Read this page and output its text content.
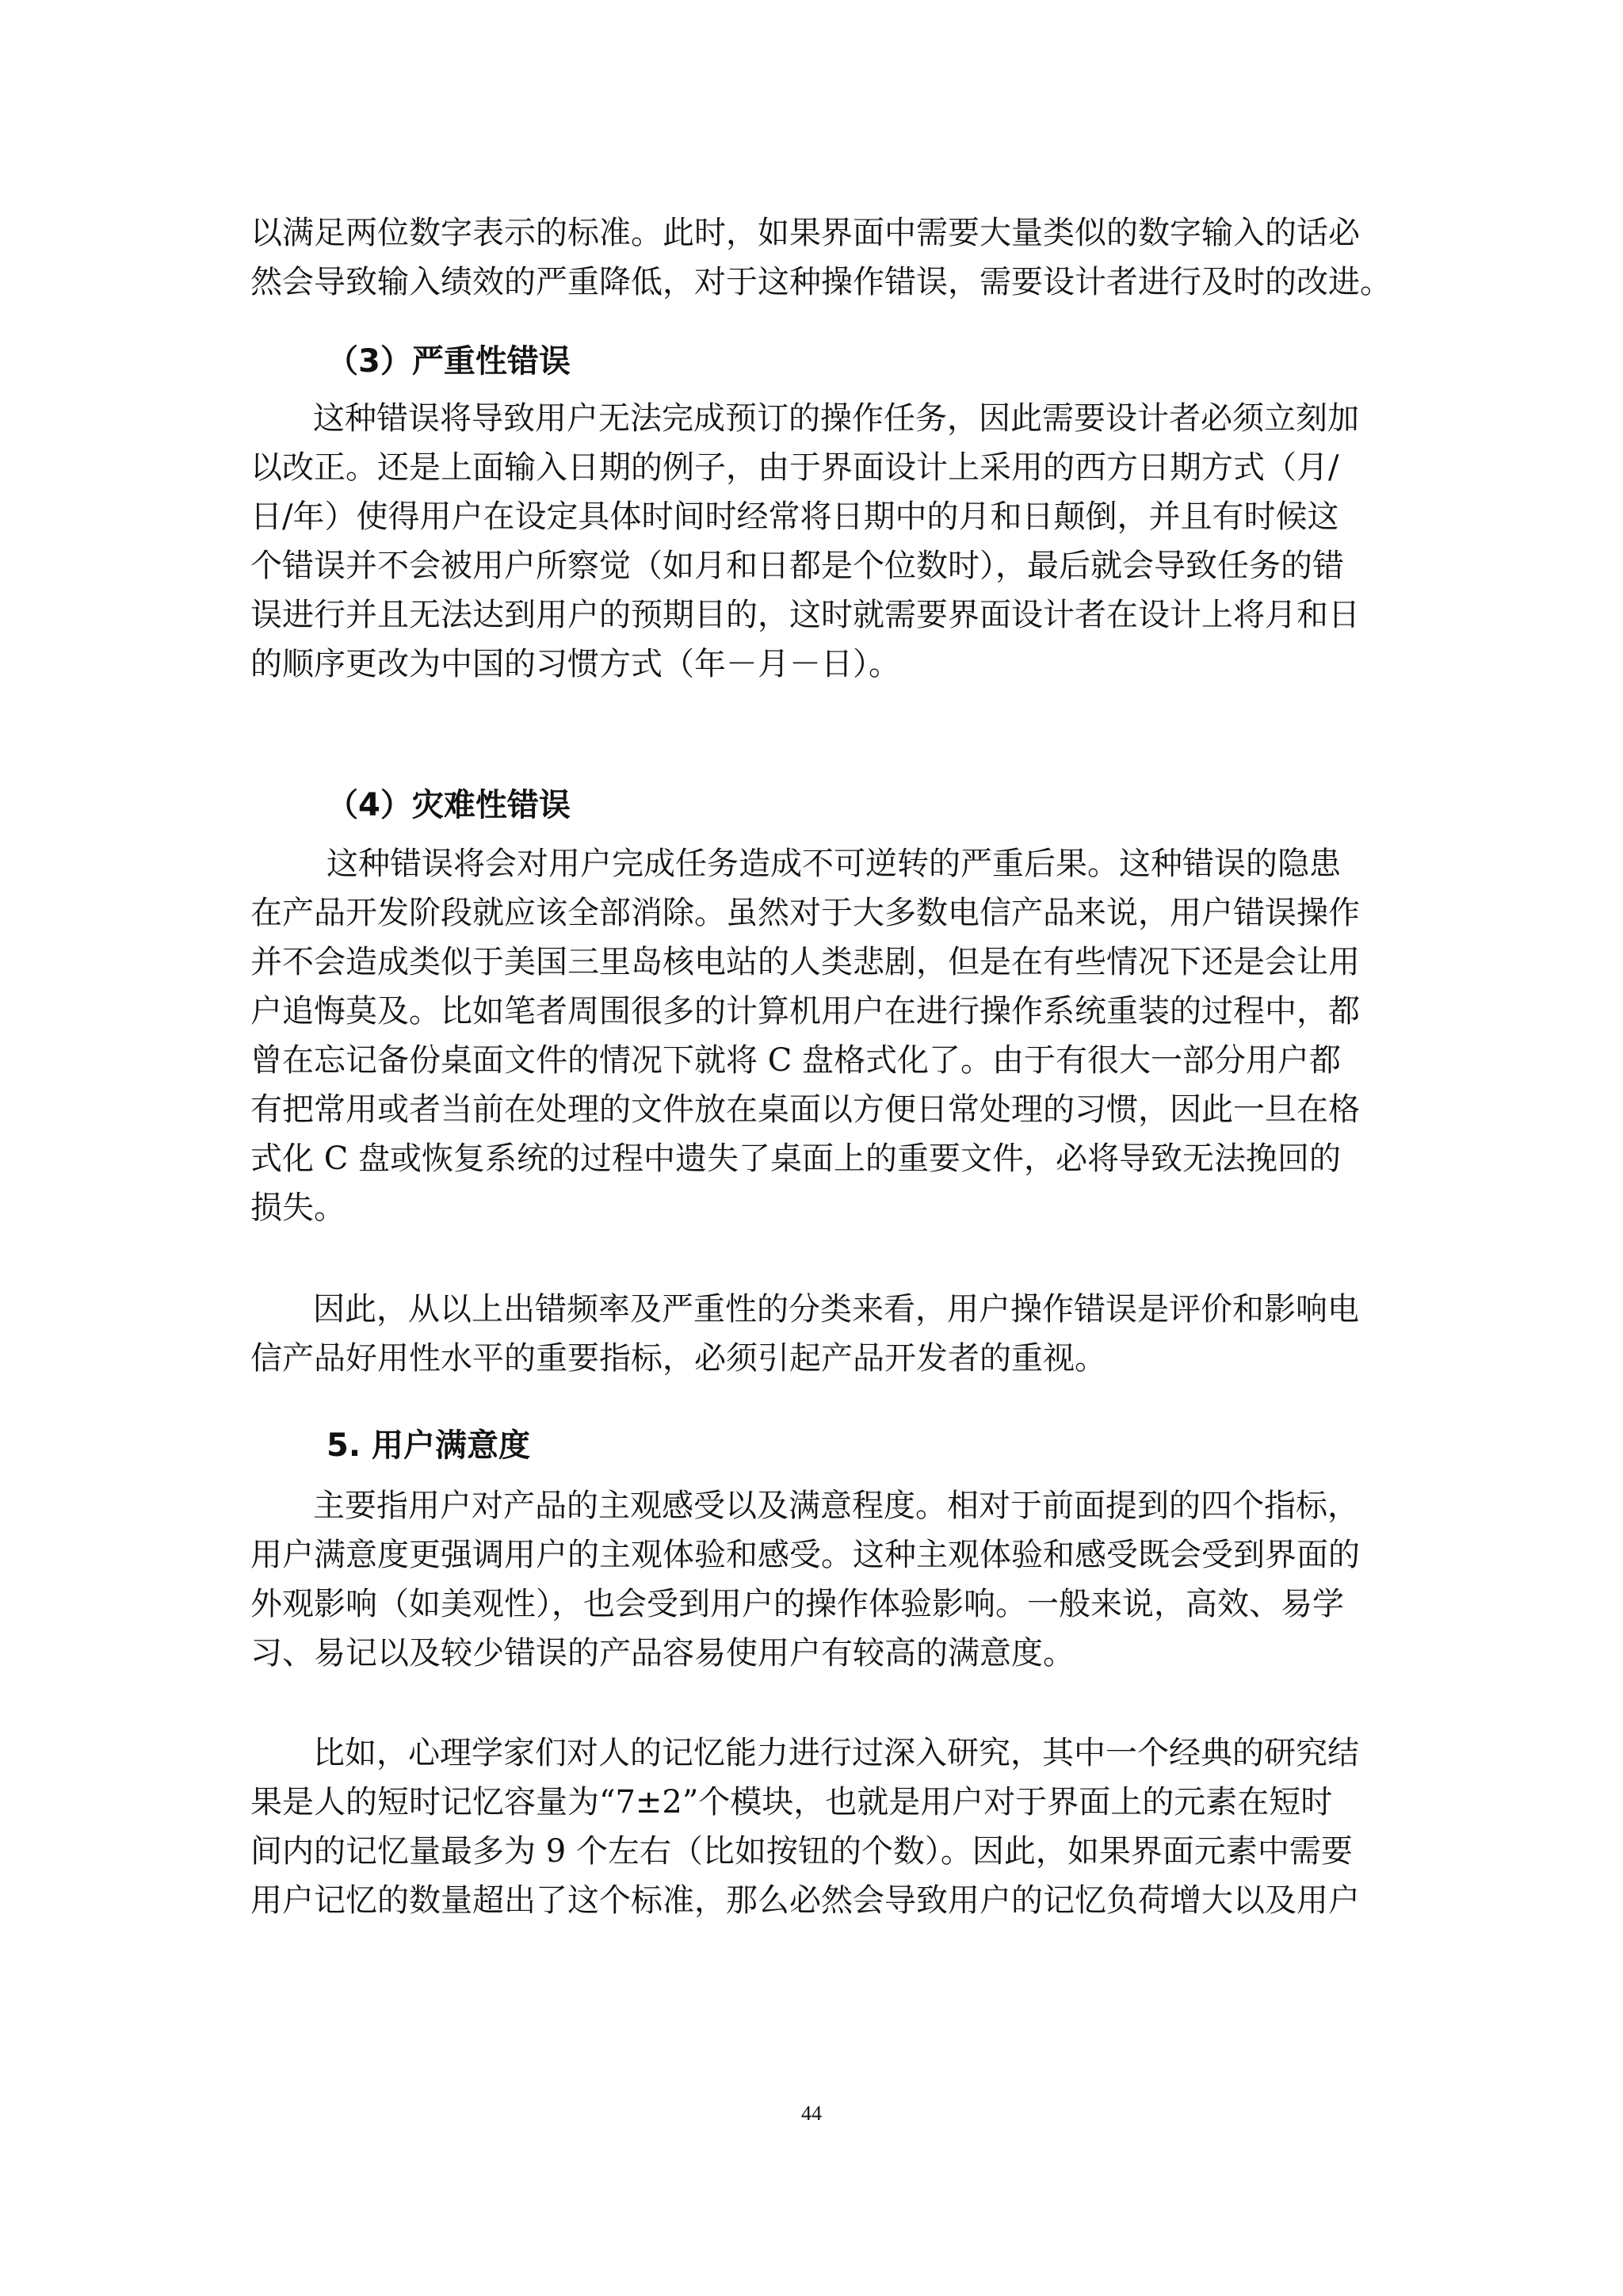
以满足两位数字表示的标准。此时，如果界面中需要大量类似的数字输入的话必
然会导致输入绩效的严重降低，对于这种操作错误，需要设计者进行及时的改进。
（3）严重性错误
这种错误将导致用户无法完成预订的操作任务，因此需要设计者必须立刻加
以改正。还是上面输入日期的例子，由于界面设计上采用的西方日期方式（月/
日/年）使得用户在设定具体时间时经常将日期中的月和日颠倒，并且有时候这
个错误并不会被用户所察觉（如月和日都是个位数时），最后就会导致任务的错
误进行并且无法达到用户的预期目的，这时就需要界面设计者在设计上将月和日
的顺序更改为中国的习惯方式（年－月－日）。
（4）灾难性错误
这种错误将会对用户完成任务造成不可逆转的严重后果。这种错误的隐患
在产品开发阶段就应该全部消除。虽然对于大多数电信产品来说，用户错误操作
并不会造成类似于美国三里岛核电站的人类悲剧，但是在有些情况下还是会让用
户追悔莫及。比如笔者周围很多的计算机用户在进行操作系统重装的过程中，都
曾在忘记备份桌面文件的情况下就将 C 盘格式化了。由于有很大一部分用户都
有把常用或者当前在处理的文件放在桌面以方便日常处理的习惯，因此一旦在格
式化 C 盘或恢复系统的过程中遗失了桌面上的重要文件，必将导致无法挽回的
损失。
因此，从以上出错频率及严重性的分类来看，用户操作错误是评价和影响电
信产品好用性水平的重要指标，必须引起产品开发者的重视。
5. 用户满意度
主要指用户对产品的主观感受以及满意程度。相对于前面提到的四个指标，
用户满意度更强调用户的主观体验和感受。这种主观体验和感受既会受到界面的
外观影响（如美观性），也会受到用户的操作体验影响。一般来说，高效、易学
习、易记以及较少错误的产品容易使用户有较高的满意度。
比如，心理学家们对人的记忆能力进行过深入研究，其中一个经典的研究结
果是人的短时记忆容量为“7±2”个模块，也就是用户对于界面上的元素在短时
间内的记忆量最多为 9 个左右（比如按钮的个数）。因此，如果界面元素中需要
用户记忆的数量超出了这个标准，那么必然会导致用户的记忆负荷增大以及用户
44
